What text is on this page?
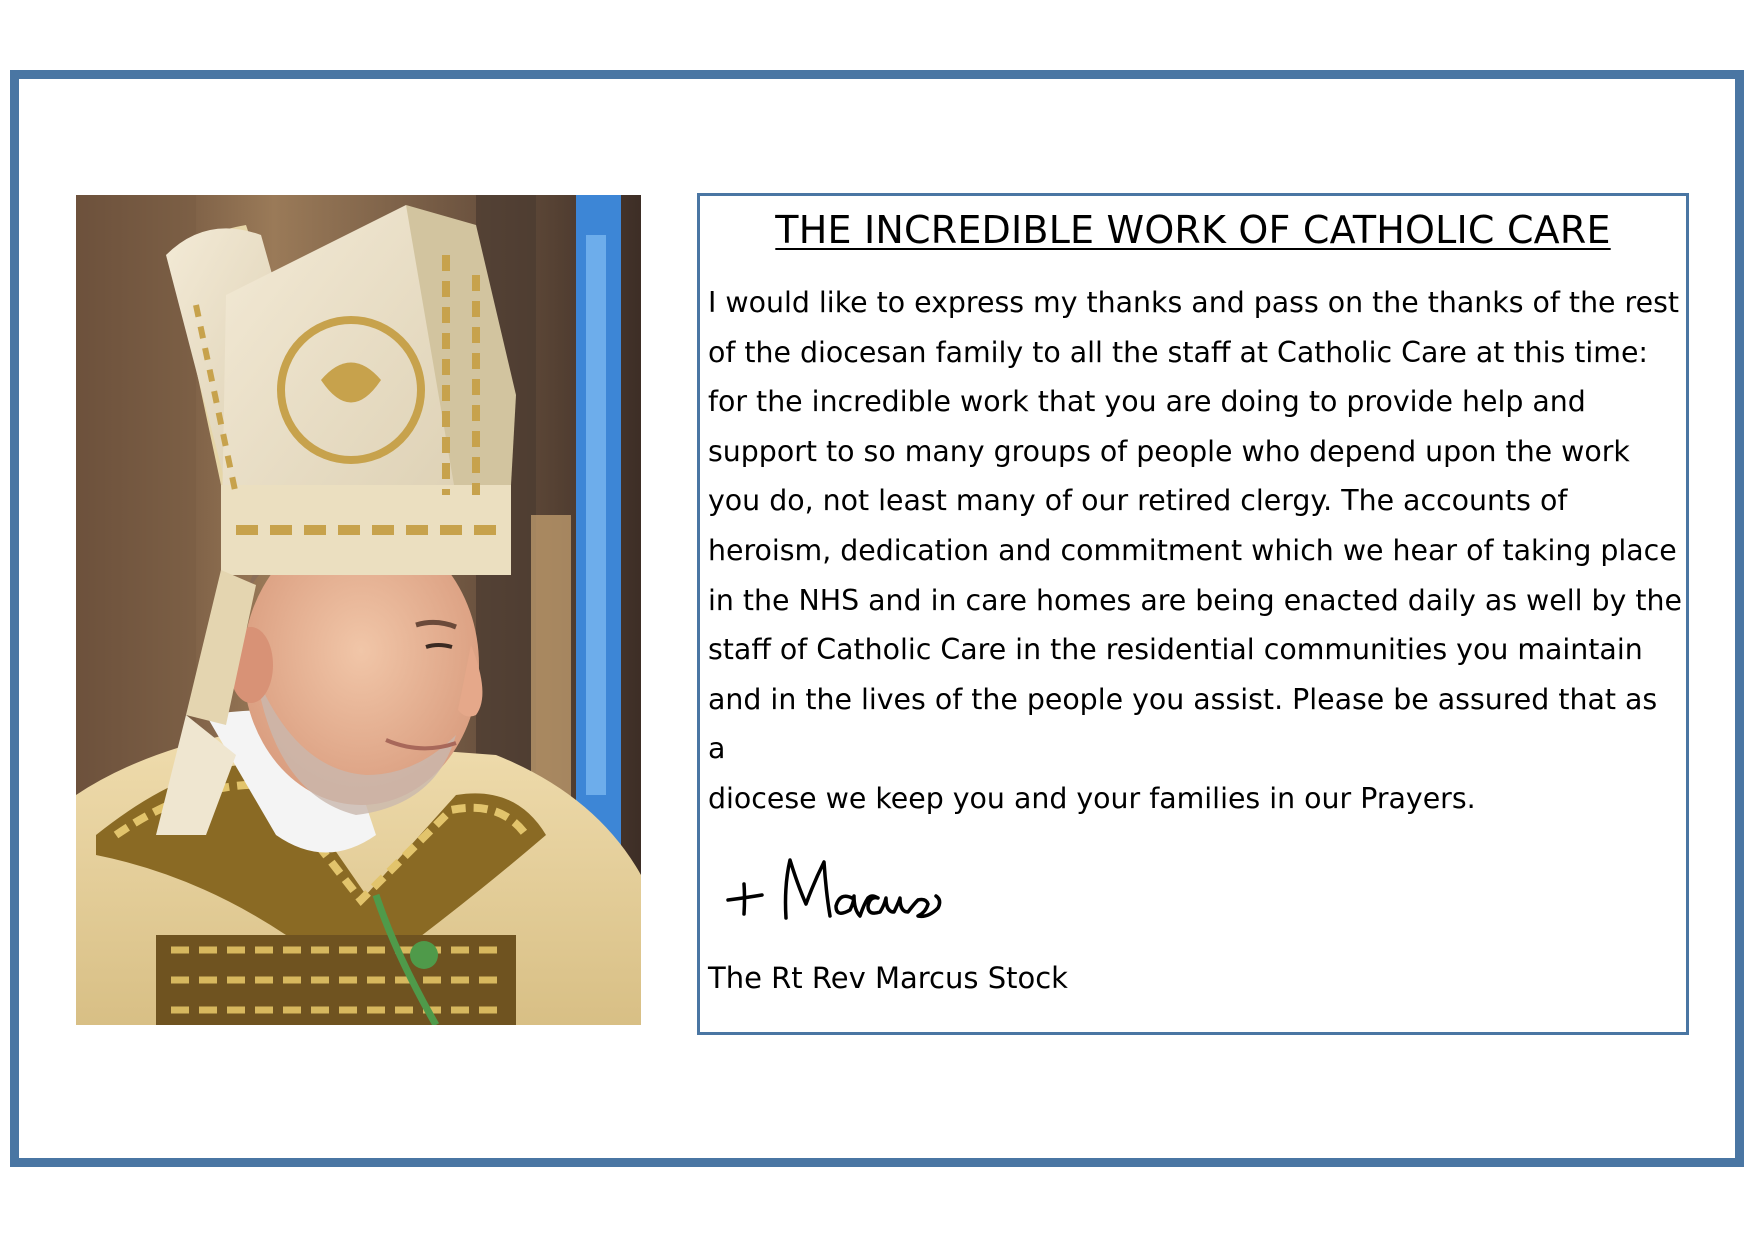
THE INCREDIBLE WORK OF CATHOLIC CARE
I would like to express my thanks and pass on the thanks of the rest
of the diocesan family to all the staff at Catholic Care at this time:
for the incredible work that you are doing to provide help and
support to so many groups of people who depend upon the work
you do, not least many of our retired clergy. The accounts of
heroism, dedication and commitment which we hear of taking place
in the NHS and in care homes are being enacted daily as well by the
staff of Catholic Care in the residential communities you maintain
and in the lives of the people you assist. Please be assured that as a
diocese we keep you and your families in our Prayers.

The Rt Rev Marcus Stock
